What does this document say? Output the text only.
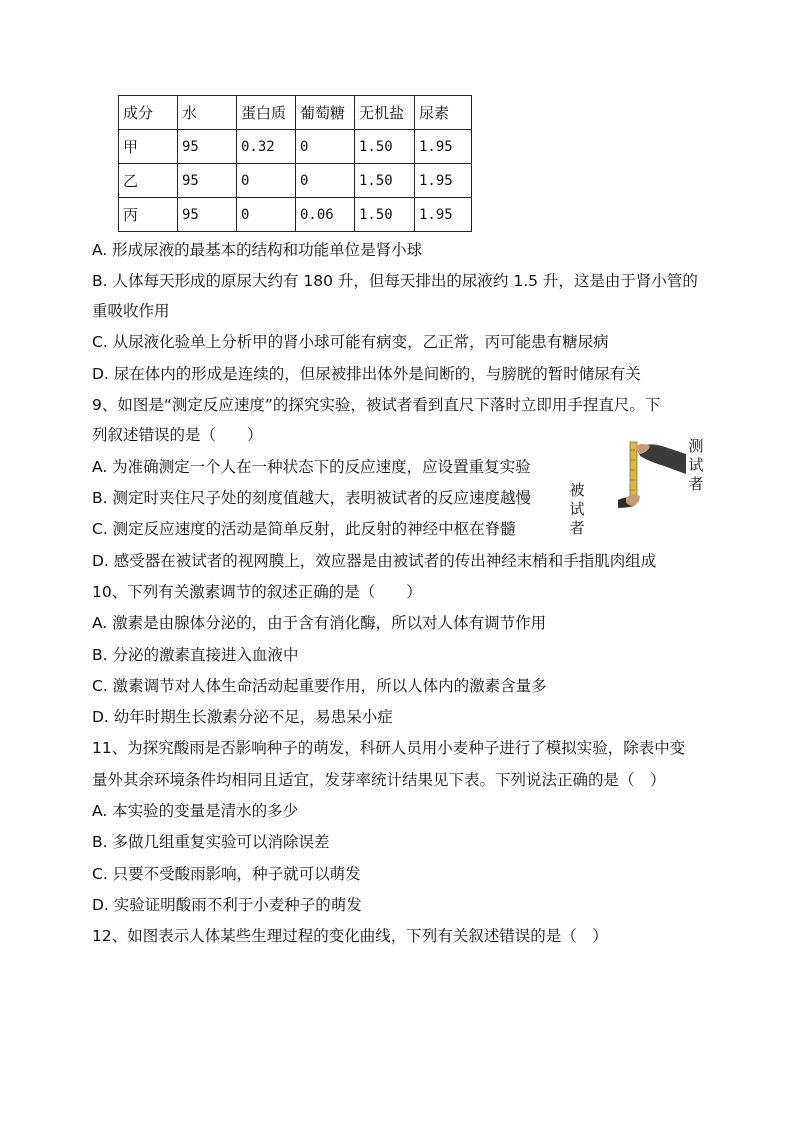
成分	水	蛋白质	葡萄糖	无机盐	尿素
甲	95	0.32	0	1.50	1.95
乙	95	0	0	1.50	1.95
丙	95	0	0.06	1.50	1.95
A. 形成尿液的最基本的结构和功能单位是肾小球
B. 人体每天形成的原尿大约有 180 升，但每天排出的尿液约 1.5 升，这是由于肾小管的
重吸收作用
C. 从尿液化验单上分析甲的肾小球可能有病变，乙正常，丙可能患有糖尿病
D. 尿在体内的形成是连续的，但尿被排出体外是间断的，与膀胱的暂时储尿有关
9、如图是“测定反应速度”的探究实验，被试者看到直尺下落时立即用手捏直尺。下
列叙述错误的是（　　）
A. 为准确测定一个人在一种状态下的反应速度，应设置重复实验
B. 测定时夹住尺子处的刻度值越大，表明被试者的反应速度越慢
C. 测定反应速度的活动是简单反射，此反射的神经中枢在脊髓
D. 感受器在被试者的视网膜上，效应器是由被试者的传出神经末梢和手指肌肉组成
测试者
被试者
10、下列有关激素调节的叙述正确的是（　　）
A. 激素是由腺体分泌的，由于含有消化酶，所以对人体有调节作用
B. 分泌的激素直接进入血液中
C. 激素调节对人体生命活动起重要作用，所以人体内的激素含量多
D. 幼年时期生长激素分泌不足，易患呆小症
11、为探究酸雨是否影响种子的萌发，科研人员用小麦种子进行了模拟实验，除表中变
量外其余环境条件均相同且适宜，发芽率统计结果见下表。下列说法正确的是（　）
A. 本实验的变量是清水的多少
B. 多做几组重复实验可以消除误差
C. 只要不受酸雨影响，种子就可以萌发
D. 实验证明酸雨不利于小麦种子的萌发
12、如图表示人体某些生理过程的变化曲线，下列有关叙述错误的是（　）
